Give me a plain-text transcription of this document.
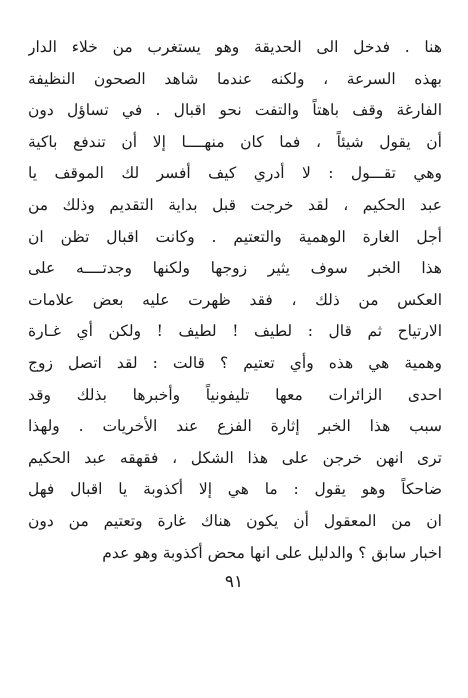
هنا . فدخل الى الحديقة وهو يستغرب من خلاء الدار
بهذه السرعة ، ولكنه عندما شاهد الصحون النظيفة
الفارغة وقف باهتاً والتفت نحو اقبال . في تساؤل دون
أن يقول شيئاً ، فما كان منهــــا إلا أن تندفع باكية
وهي تقـــول : لا أدري كيف أفسر لك الموقف يا
عبد الحكيم ، لقد خرجت قبل بداية التقديم وذلك من
أجل الغارة الوهمية والتعتيم . وكانت اقبال تظن ان
هذا الخبر سوف يثير زوجها ولكنها وجدتــــه على
العكس من ذلك ، فقد ظهرت عليه بعض علامات
الارتياح ثم قال : لطيف ! لطيف ! ولكن أي غـارة
وهمية هي هذه وأي تعتيم ؟ قالت : لقد اتصل زوج
احدى الزائرات معها تليفونياً وأخبرها بذلك وقد
سبب هذا الخبر إثارة الفزع عند الأخريات . ولهذا
ترى انهن خرجن على هذا الشكل ، فقهقه عبد الحكيم
ضاحكاً وهو يقول : ما هي إلا أكذوبة يا اقبال فهل
ان من المعقول أن يكون هناك غارة وتعتيم من دون
اخبار سابق ؟ والدليل على انها محض أكذوبة وهو عدم
٩١
